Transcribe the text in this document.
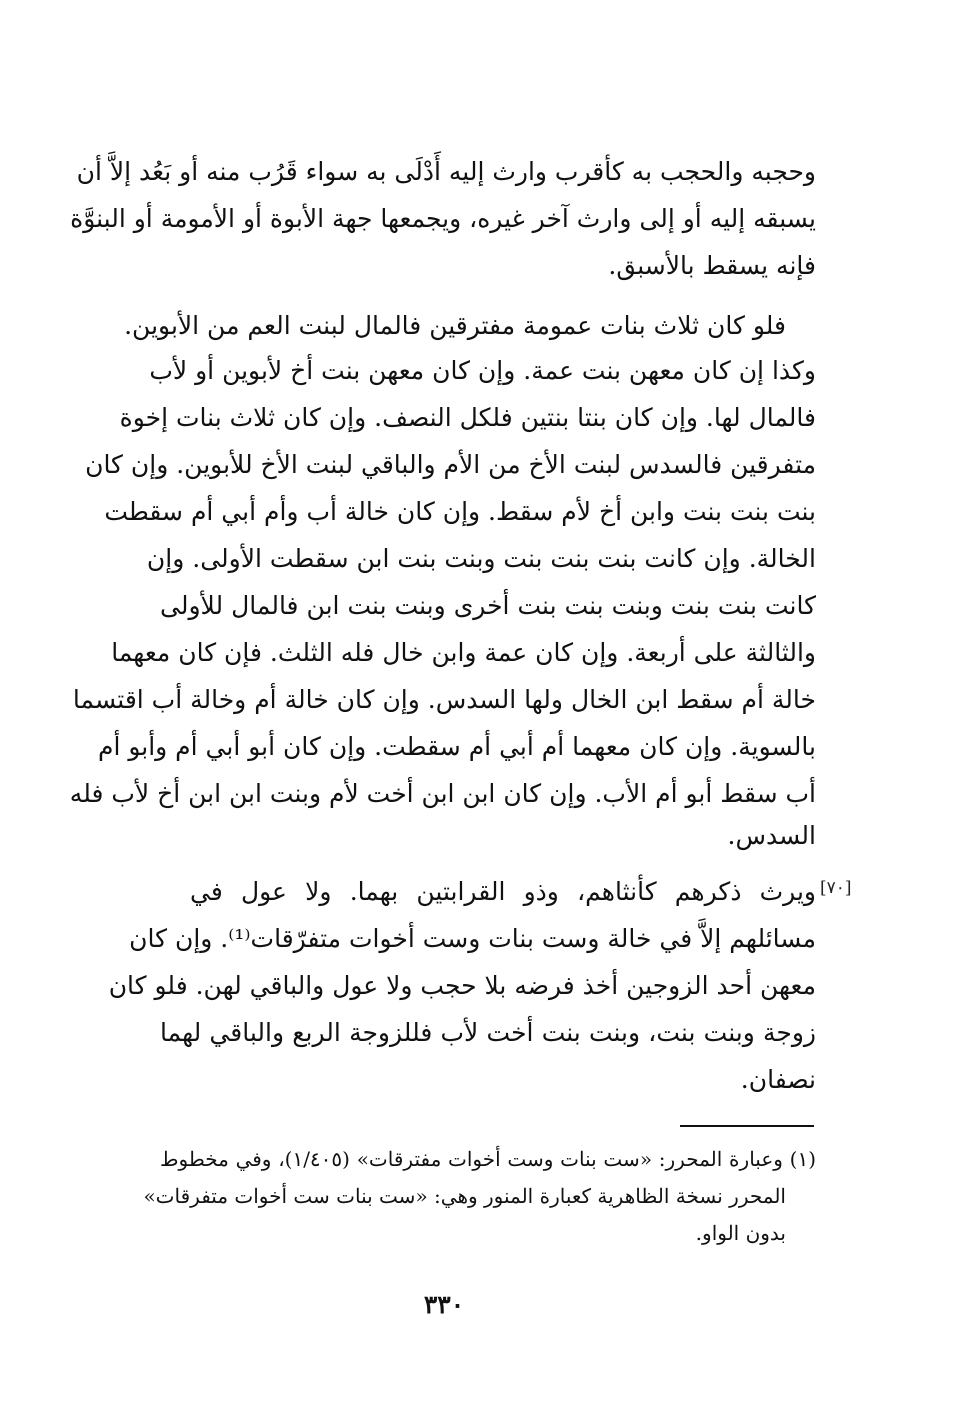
وحجبه والحجب به كأقرب وارث إليه أَدْلَى به سواء قَرُب منه أو بَعُد إلاَّ أن
يسبقه إليه أو إلى وارث آخر غيره، ويجمعها جهة الأبوة أو الأمومة أو البنوَّة
فإنه يسقط بالأسبق.
فلو كان ثلاث بنات عمومة مفترقين فالمال لبنت العم من الأبوين.
وكذا إن كان معهن بنت عمة. وإن كان معهن بنت أخ لأبوين أو لأب
فالمال لها. وإن كان بنتا بنتين فلكل النصف. وإن كان ثلاث بنات إخوة
متفرقين فالسدس لبنت الأخ من الأم والباقي لبنت الأخ للأبوين. وإن كان
بنت بنت بنت وابن أخ لأم سقط. وإن كان خالة أب وأم أبي أم سقطت
الخالة. وإن كانت بنت بنت بنت وبنت بنت ابن سقطت الأولى. وإن
كانت بنت بنت وبنت بنت بنت أخرى وبنت بنت ابن فالمال للأولى
والثالثة على أربعة. وإن كان عمة وابن خال فله الثلث. فإن كان معهما
خالة أم سقط ابن الخال ولها السدس. وإن كان خالة أم وخالة أب اقتسما
بالسوية. وإن كان معهما أم أبي أم سقطت. وإن كان أبو أبي أم وأبو أم
أب سقط أبو أم الأب. وإن كان ابن ابن أخت لأم وبنت ابن ابن أخ لأب فله
السدس.
[٧٠]
ويرث ذكرهم كأنثاهم، وذو القرابتين بهما. ولا عول في
مسائلهم إلاَّ في خالة وست بنات وست أخوات متفرّقات⁽¹⁾. وإن كان
معهن أحد الزوجين أخذ فرضه بلا حجب ولا عول والباقي لهن. فلو كان
زوجة وبنت بنت، وبنت بنت أخت لأب فللزوجة الربع والباقي لهما
نصفان.
(١) وعبارة المحرر: «ست بنات وست أخوات مفترقات» (١/٤٠٥)، وفي مخطوط
المحرر نسخة الظاهرية كعبارة المنور وهي: «ست بنات ست أخوات متفرقات»
بدون الواو.
٣٣٠
